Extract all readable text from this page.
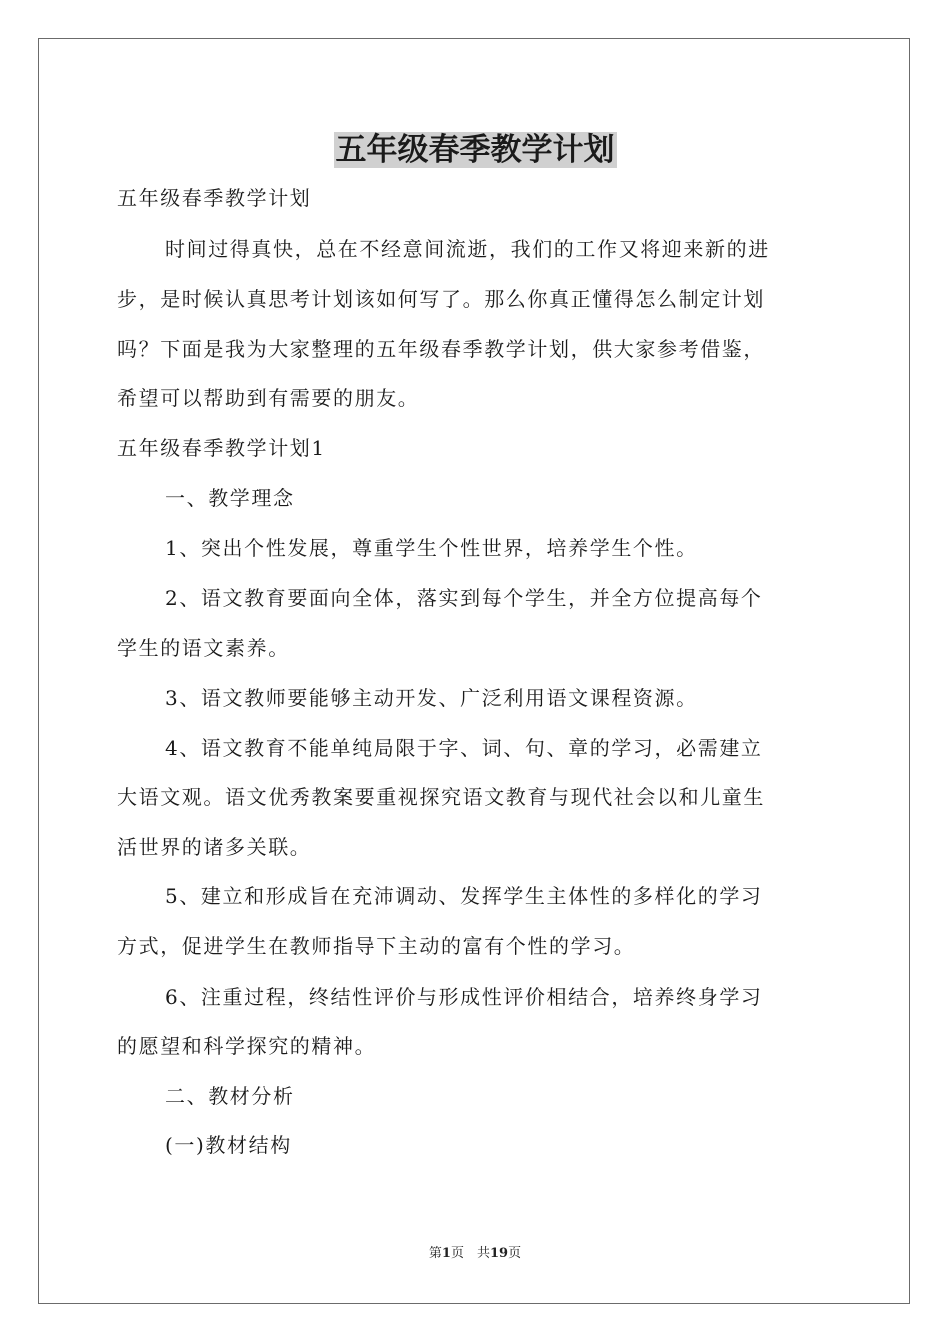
五年级春季教学计划
五年级春季教学计划
时间过得真快，总在不经意间流逝，我们的工作又将迎来新的进
步，是时候认真思考计划该如何写了。那么你真正懂得怎么制定计划
吗？下面是我为大家整理的五年级春季教学计划，供大家参考借鉴，
希望可以帮助到有需要的朋友。
五年级春季教学计划1
一、教学理念
1、突出个性发展，尊重学生个性世界，培养学生个性。
2、语文教育要面向全体，落实到每个学生，并全方位提高每个
学生的语文素养。
3、语文教师要能够主动开发、广泛利用语文课程资源。
4、语文教育不能单纯局限于字、词、句、章的学习，必需建立
大语文观。语文优秀教案要重视探究语文教育与现代社会以和儿童生
活世界的诸多关联。
5、建立和形成旨在充沛调动、发挥学生主体性的多样化的学习
方式，促进学生在教师指导下主动的富有个性的学习。
6、注重过程，终结性评价与形成性评价相结合，培养终身学习
的愿望和科学探究的精神。
二、教材分析
(一)教材结构
第1页　共19页
